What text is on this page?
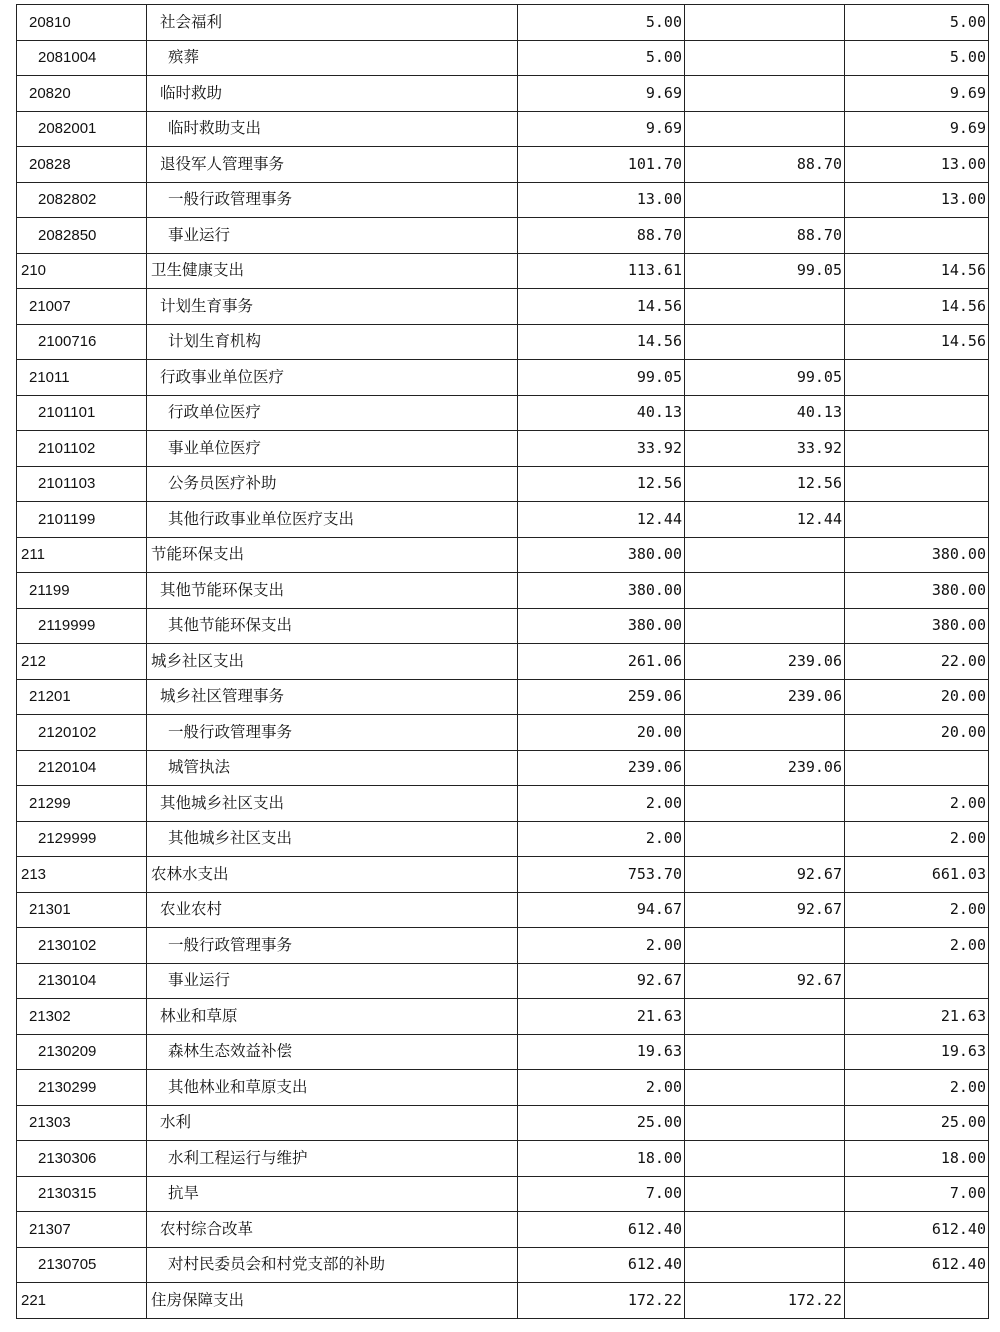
20810	社会福利	5.00		5.00
2081004	殡葬	5.00		5.00
20820	临时救助	9.69		9.69
2082001	临时救助支出	9.69		9.69
20828	退役军人管理事务	101.70	88.70	13.00
2082802	一般行政管理事务	13.00		13.00
2082850	事业运行	88.70	88.70	
210	卫生健康支出	113.61	99.05	14.56
21007	计划生育事务	14.56		14.56
2100716	计划生育机构	14.56		14.56
21011	行政事业单位医疗	99.05	99.05	
2101101	行政单位医疗	40.13	40.13	
2101102	事业单位医疗	33.92	33.92	
2101103	公务员医疗补助	12.56	12.56	
2101199	其他行政事业单位医疗支出	12.44	12.44	
211	节能环保支出	380.00		380.00
21199	其他节能环保支出	380.00		380.00
2119999	其他节能环保支出	380.00		380.00
212	城乡社区支出	261.06	239.06	22.00
21201	城乡社区管理事务	259.06	239.06	20.00
2120102	一般行政管理事务	20.00		20.00
2120104	城管执法	239.06	239.06	
21299	其他城乡社区支出	2.00		2.00
2129999	其他城乡社区支出	2.00		2.00
213	农林水支出	753.70	92.67	661.03
21301	农业农村	94.67	92.67	2.00
2130102	一般行政管理事务	2.00		2.00
2130104	事业运行	92.67	92.67	
21302	林业和草原	21.63		21.63
2130209	森林生态效益补偿	19.63		19.63
2130299	其他林业和草原支出	2.00		2.00
21303	水利	25.00		25.00
2130306	水利工程运行与维护	18.00		18.00
2130315	抗旱	7.00		7.00
21307	农村综合改革	612.40		612.40
2130705	对村民委员会和村党支部的补助	612.40		612.40
221	住房保障支出	172.22	172.22	
